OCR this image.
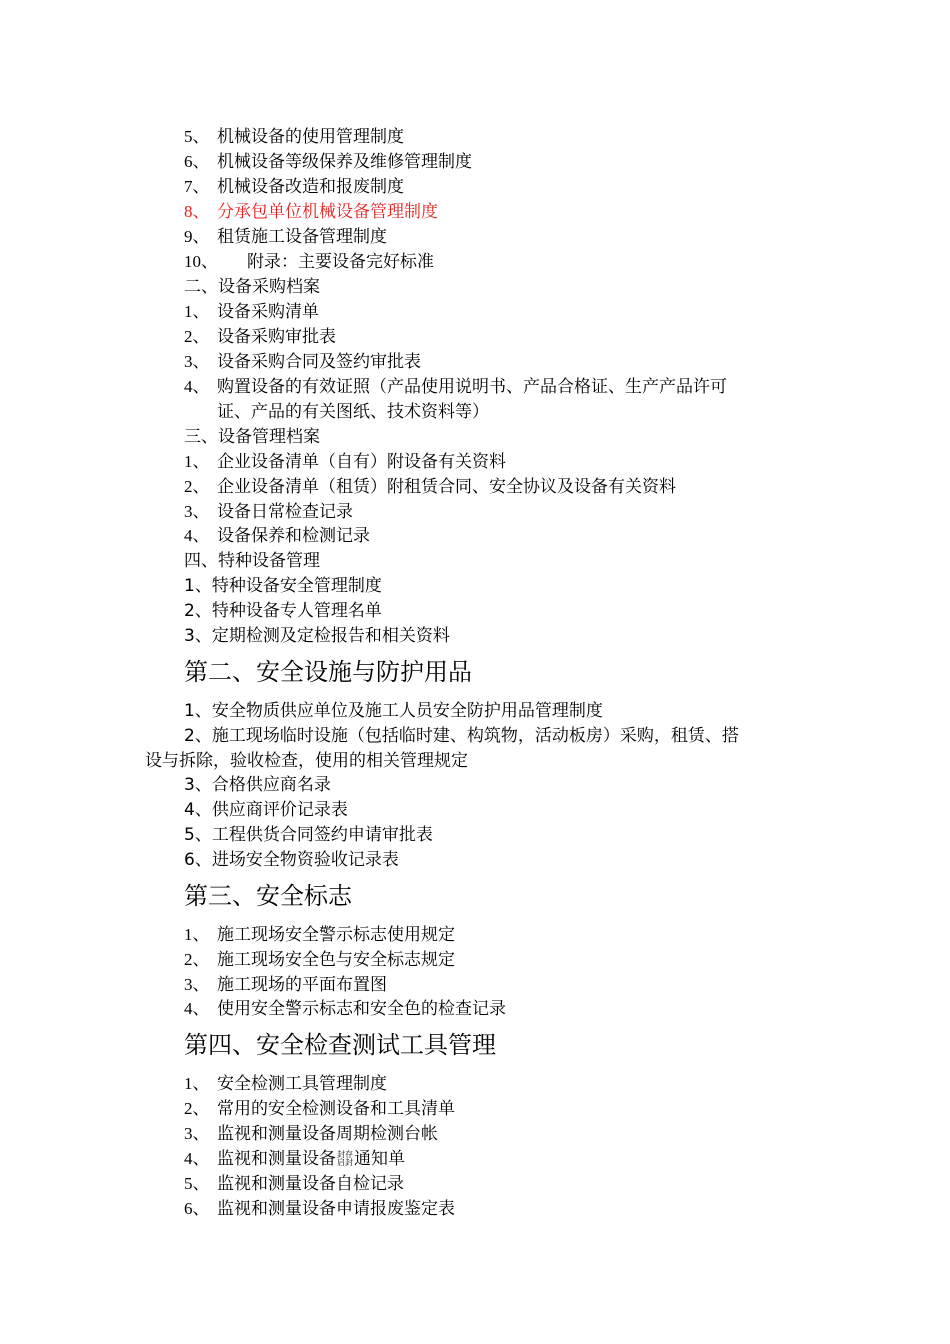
5、 机械设备的使用管理制度
6、 机械设备等级保养及维修管理制度
7、 机械设备改造和报废制度
8、 分承包单位机械设备管理制度
9、 租赁施工设备管理制度
10、 附录：主要设备完好标准
二、设备采购档案
1、 设备采购清单
2、 设备采购审批表
3、 设备采购合同及签约审批表
4、 购置设备的有效证照（产品使用说明书、产品合格证、生产产品许可
证、产品的有关图纸、技术资料等）
三、设备管理档案
1、 企业设备清单（自有）附设备有关资料
2、 企业设备清单（租赁）附租赁合同、安全协议及设备有关资料
3、 设备日常检查记录
4、 设备保养和检测记录
四、特种设备管理
1、特种设备安全管理制度
2、特种设备专人管理名单
3、定期检测及定检报告和相关资料
第二、安全设施与防护用品
1、安全物质供应单位及施工人员安全防护用品管理制度
2、施工现场临时设施（包括临时建、构筑物，活动板房）采购，租赁、搭
设与拆除，验收检查，使用的相关管理规定
3、合格供应商名录
4、供应商评价记录表
5、工程供货合同签约申请审批表
6、进场安全物资验收记录表
第三、安全标志
1、 施工现场安全警示标志使用规定
2、 施工现场安全色与安全标志规定
3、 施工现场的平面布置图
4、 使用安全警示标志和安全色的检查记录
第四、安全检查测试工具管理
1、 安全检测工具管理制度
2、 常用的安全检测设备和工具清单
3、 监视和测量设备周期检测台帐
4、 监视和测量设备 封存
启封 通知单
5、 监视和测量设备自检记录
6、 监视和测量设备申请报废鉴定表
